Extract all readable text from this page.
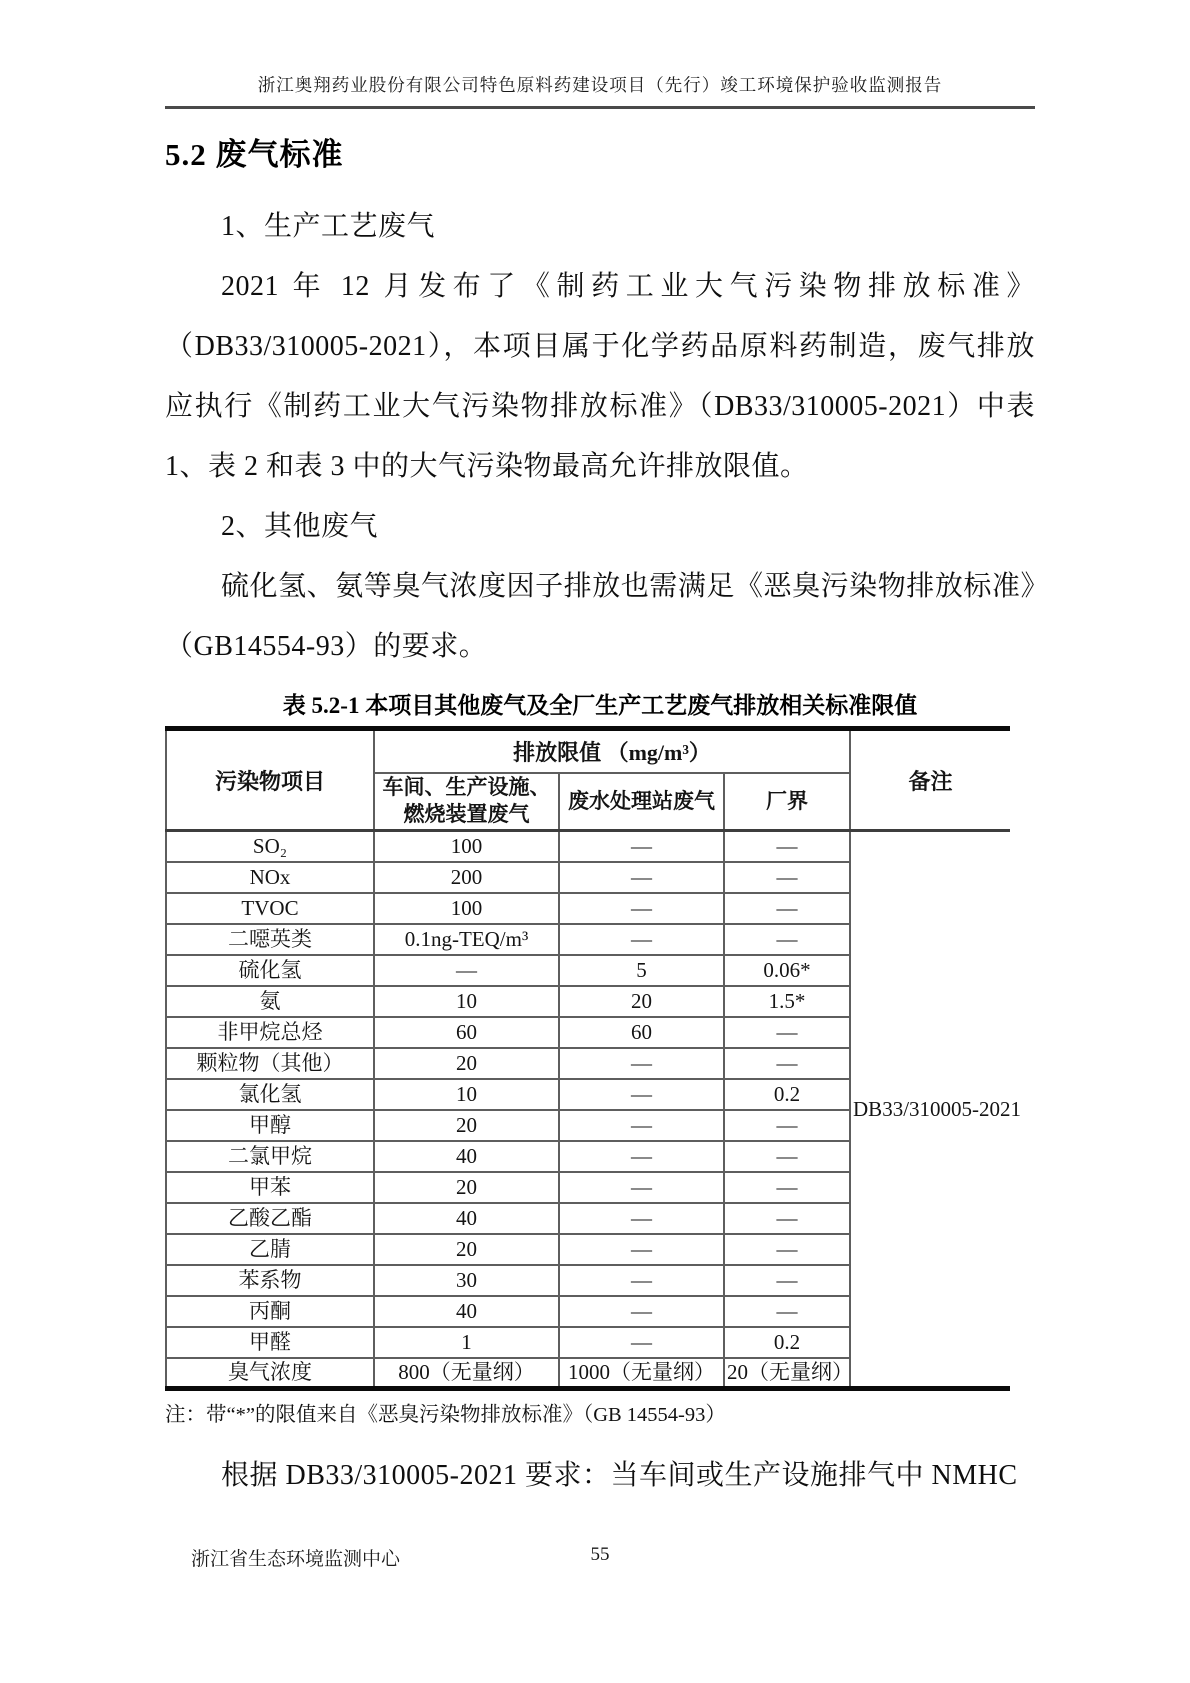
浙江奥翔药业股份有限公司特色原料药建设项目（先行）竣工环境保护验收监测报告
5.2 废气标准

1、生产工艺废气

2021 年 12 月发布了《制药工业大气污染物排放标准》（DB33/310005-2021），本项目属于化学药品原料药制造，废气排放应执行《制药工业大气污染物排放标准》（DB33/310005-2021）中表1、表 2 和表 3 中的大气污染物最高允许排放限值。

2、其他废气

硫化氢、氨等臭气浓度因子排放也需满足《恶臭污染物排放标准》（GB14554-93）的要求。

表 5.2-1 本项目其他废气及全厂生产工艺废气排放相关标准限值
污染物项目	排放限值 （mg/m³）			备注
	车间、生产设施、燃烧装置废气	废水处理站废气	厂界	
SO₂	100	—	—	DB33/310005-2021
NOx	200	—	—	
TVOC	100	—	—	
二噁英类	0.1ng-TEQ/m³	—	—	
硫化氢	—	5	0.06*	
氨	10	20	1.5*	
非甲烷总烃	60	60	—	
颗粒物（其他）	20	—	—	
氯化氢	10	—	0.2	
甲醇	20	—	—	
二氯甲烷	40	—	—	
甲苯	20	—	—	
乙酸乙酯	40	—	—	
乙腈	20	—	—	
苯系物	30	—	—	
丙酮	40	—	—	
甲醛	1	—	0.2	
臭气浓度	800（无量纲）	1000（无量纲）	20（无量纲）	
注：带“*”的限值来自《恶臭污染物排放标准》（GB 14554-93）

根据 DB33/310005-2021 要求：当车间或生产设施排气中 NMHC

浙江省生态环境监测中心	55
